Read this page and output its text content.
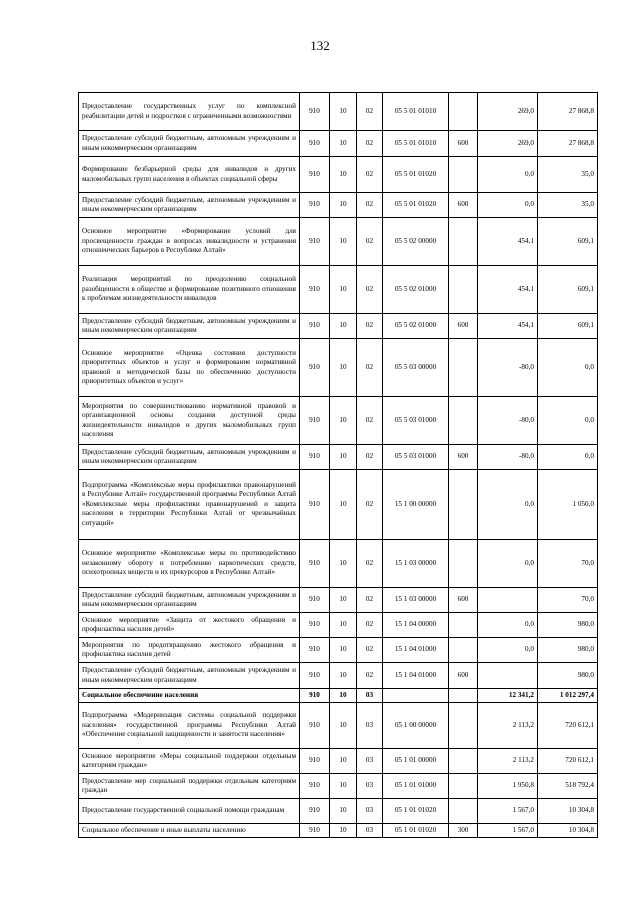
132
Предоставление государственных услуг по комплексной реабилитации детей и подростков с ограниченными возможностями	910	10	02	05 5 01 01010		269,0	27 868,8
Предоставление субсидий бюджетным, автономным учреждениям и иным некоммерческим организациям	910	10	02	05 5 01 01010	600	269,0	27 868,8
Формирование безбарьерной среды для инвалидов и других маломобильных групп населения в объектах социальной сферы	910	10	02	05 5 01 01020		0,0	35,0
Предоставление субсидий бюджетным, автономным учреждениям и иным некоммерческим организациям	910	10	02	05 5 01 01020	600	0,0	35,0
Основное мероприятие «Формирование условий для просвещенности граждан в вопросах инвалидности и устранения отношенческих барьеров в Республике Алтай»	910	10	02	05 5 02 00000		454,1	609,1
Реализация мероприятий по преодолению социальной разобщенности в обществе и формирование позитивного отношения к проблемам жизнедеятельности инвалидов	910	10	02	05 5 02 01000		454,1	609,1
Предоставление субсидий бюджетным, автономным учреждениям и иным некоммерческим организациям	910	10	02	05 5 02 01000	600	454,1	609,1
Основное мероприятие «Оценка состояния доступности приоритетных объектов и услуг и формирование нормативной правовой и методической базы по обеспечению доступности приоритетных объектов и услуг»	910	10	02	05 5 03 00000		-80,0	0,0
Мероприятия по совершенствованию нормативной правовой и организационной основы создания доступной среды жизнедеятельности инвалидов и других маломобильных групп населения	910	10	02	05 5 03 01000		-80,0	0,0
Предоставление субсидий бюджетным, автономным учреждениям и иным некоммерческим организациям	910	10	02	05 5 03 01000	600	-80,0	0,0
Подпрограмма «Комплексные меры профилактики правонарушений в Республике Алтай» государственной программы Республики Алтай «Комплексные меры профилактики правонарушений и защита населения в территории Республики Алтай от чрезвычайных ситуаций»	910	10	02	15 1 00 00000		0,0	1 050,0
Основное мероприятие «Комплексные меры по противодействию незаконному обороту и потреблению наркотических средств, психотропных веществ и их прекурсоров в Республике Алтай»	910	10	02	15 1 03 00000		0,0	70,0
Предоставление субсидий бюджетным, автономным учреждениям и иным некоммерческим организациям	910	10	02	15 1 03 00000	600		70,0
Основное мероприятие «Защита от жестокого обращения и профилактика насилия детей»	910	10	02	15 1 04 00000		0,0	980,0
Мероприятия по предотвращению жестокого обращения и профилактика насилия детей	910	10	02	15 1 04 01000		0,0	980,0
Предоставление субсидий бюджетным, автономным учреждениям и иным некоммерческим организациям	910	10	02	15 1 04 01000	600		980,0
Социальное обеспечение населения	910	10	03			12 341,2	1 012 297,4
Подпрограмма «Модернизация системы социальной поддержки населения» государственной программы Республики Алтай «Обеспечение социальной защищенности и занятости населения»	910	10	03	05 1 00 00000		2 113,2	720 612,1
Основное мероприятие «Меры социальной поддержки отдельным категориям граждан»	910	10	03	05 1 01 00000		2 113,2	720 612,1
Предоставление мер социальной поддержки отдельным категориям граждан	910	10	03	05 1 01 01000		1 950,8	518 792,4
Предоставление государственной социальной помощи гражданам	910	10	03	05 1 01 01020		1 567,0	10 304,8
Социальное обеспечение и иные выплаты населению	910	10	03	05 1 01 01020	300	1 567,0	10 304,8
